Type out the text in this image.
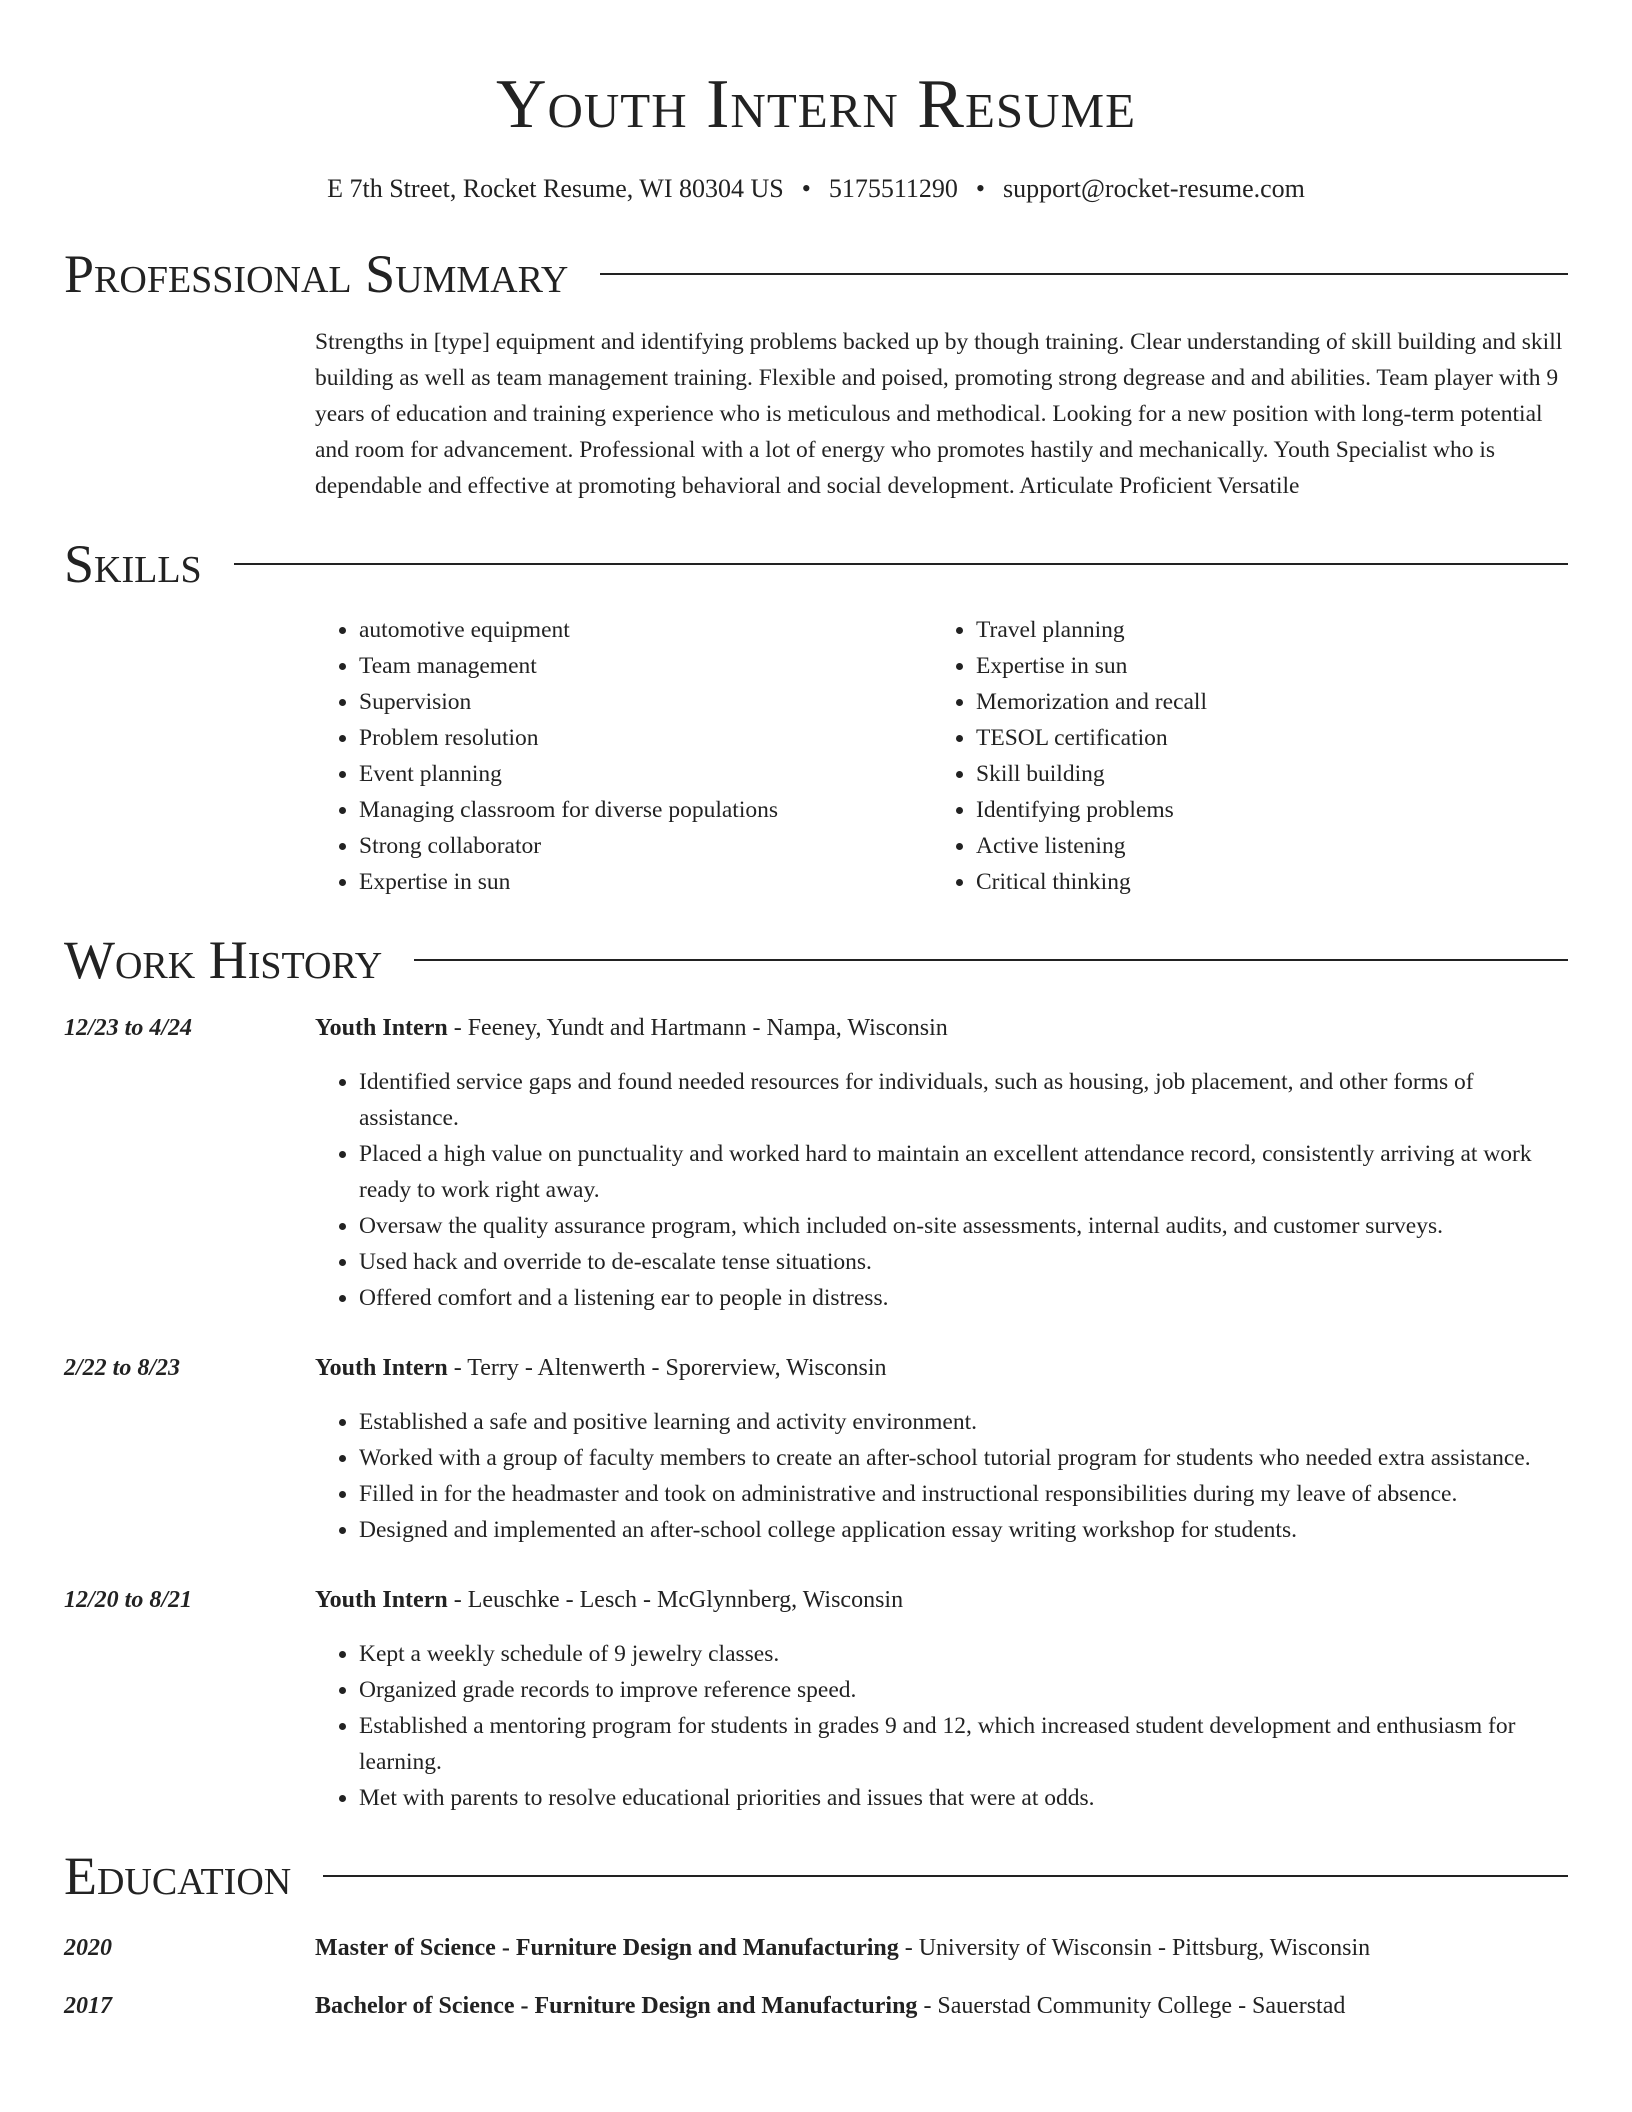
Youth Intern Resume
E 7th Street, Rocket Resume, WI 80304 US • 5175511290 • support@rocket-resume.com
Professional Summary
Strengths in [type] equipment and identifying problems backed up by though training. Clear understanding of skill building and skill building as well as team management training. Flexible and poised, promoting strong degrease and and abilities. Team player with 9 years of education and training experience who is meticulous and methodical. Looking for a new position with long-term potential and room for advancement. Professional with a lot of energy who promotes hastily and mechanically. Youth Specialist who is dependable and effective at promoting behavioral and social development. Articulate Proficient Versatile
Skills
• automotive equipment
• Team management
• Supervision
• Problem resolution
• Event planning
• Managing classroom for diverse populations
• Strong collaborator
• Expertise in sun
• Travel planning
• Expertise in sun
• Memorization and recall
• TESOL certification
• Skill building
• Identifying problems
• Active listening
• Critical thinking
Work History
12/23 to 4/24	Youth Intern - Feeney, Yundt and Hartmann - Nampa, Wisconsin
• Identified service gaps and found needed resources for individuals, such as housing, job placement, and other forms of assistance.
• Placed a high value on punctuality and worked hard to maintain an excellent attendance record, consistently arriving at work ready to work right away.
• Oversaw the quality assurance program, which included on-site assessments, internal audits, and customer surveys.
• Used hack and override to de-escalate tense situations.
• Offered comfort and a listening ear to people in distress.
2/22 to 8/23	Youth Intern - Terry - Altenwerth - Sporerview, Wisconsin
• Established a safe and positive learning and activity environment.
• Worked with a group of faculty members to create an after-school tutorial program for students who needed extra assistance.
• Filled in for the headmaster and took on administrative and instructional responsibilities during my leave of absence.
• Designed and implemented an after-school college application essay writing workshop for students.
12/20 to 8/21	Youth Intern - Leuschke - Lesch - McGlynnberg, Wisconsin
• Kept a weekly schedule of 9 jewelry classes.
• Organized grade records to improve reference speed.
• Established a mentoring program for students in grades 9 and 12, which increased student development and enthusiasm for learning.
• Met with parents to resolve educational priorities and issues that were at odds.
Education
2020	Master of Science - Furniture Design and Manufacturing - University of Wisconsin - Pittsburg, Wisconsin
2017	Bachelor of Science - Furniture Design and Manufacturing - Sauerstad Community College - Sauerstad
